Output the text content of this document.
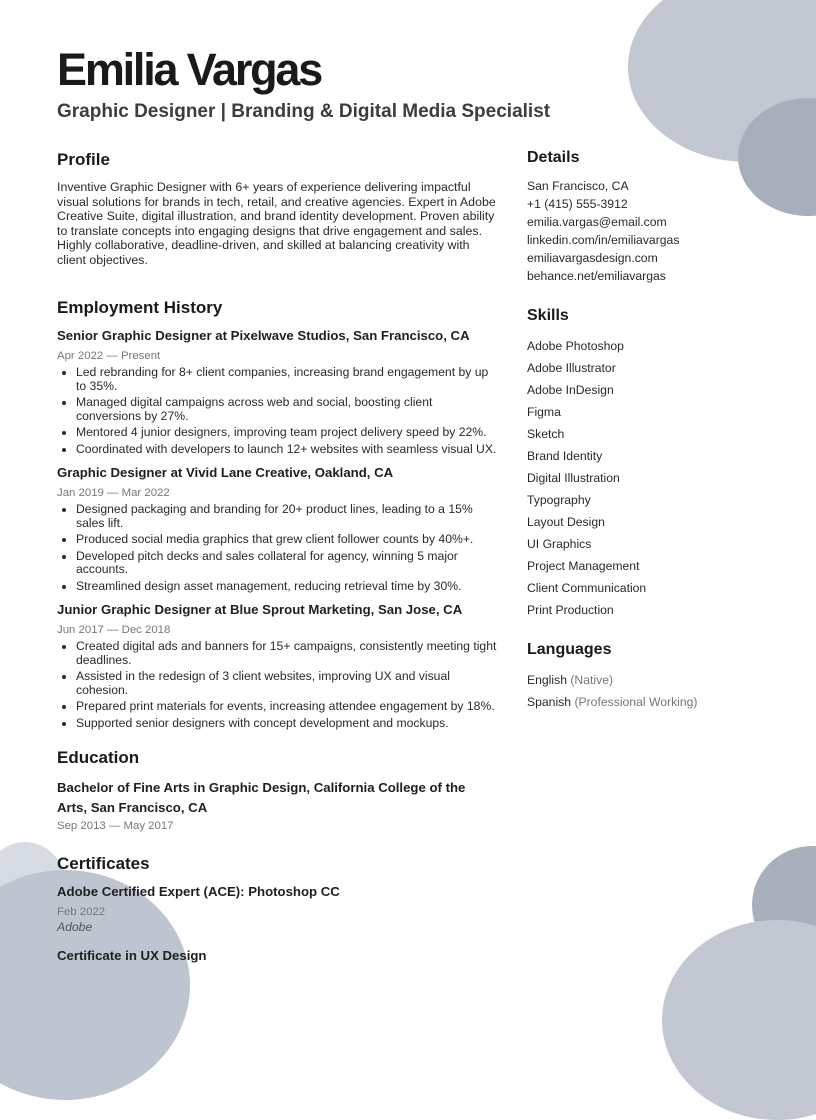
Emilia Vargas

Graphic Designer | Branding & Digital Media Specialist

Profile

Inventive Graphic Designer with 6+ years of experience delivering impactful visual solutions for brands in tech, retail, and creative agencies. Expert in Adobe Creative Suite, digital illustration, and brand identity development. Proven ability to translate concepts into engaging designs that drive engagement and sales. Highly collaborative, deadline-driven, and skilled at balancing creativity with client objectives.

Employment History

Senior Graphic Designer at Pixelwave Studios, San Francisco, CA

Apr 2022 — Present

• Led rebranding for 8+ client companies, increasing brand engagement by up to 35%.
• Managed digital campaigns across web and social, boosting client conversions by 27%.
• Mentored 4 junior designers, improving team project delivery speed by 22%.
• Coordinated with developers to launch 12+ websites with seamless visual UX.

Graphic Designer at Vivid Lane Creative, Oakland, CA

Jan 2019 — Mar 2022

• Designed packaging and branding for 20+ product lines, leading to a 15% sales lift.
• Produced social media graphics that grew client follower counts by 40%+.
• Developed pitch decks and sales collateral for agency, winning 5 major accounts.
• Streamlined design asset management, reducing retrieval time by 30%.

Junior Graphic Designer at Blue Sprout Marketing, San Jose, CA

Jun 2017 — Dec 2018

• Created digital ads and banners for 15+ campaigns, consistently meeting tight deadlines.
• Assisted in the redesign of 3 client websites, improving UX and visual cohesion.
• Prepared print materials for events, increasing attendee engagement by 18%.
• Supported senior designers with concept development and mockups.
Education

Bachelor of Fine Arts in Graphic Design, California College of the Arts, San Francisco, CA

Sep 2013 — May 2017

Certificates

Adobe Certified Expert (ACE): Photoshop CC

Feb 2022

Adobe

Certificate in UX Design

Details
San Francisco, CA
+1 (415) 555-3912
emilia.vargas@email.com
linkedin.com/in/emiliavargas
emiliavargasdesign.com
behance.net/emiliavargas
Skills
Adobe Photoshop
Adobe Illustrator
Adobe InDesign
Figma
Sketch
Brand Identity
Digital Illustration
Typography
Layout Design
UI Graphics
Project Management
Client Communication
Print Production
Languages
English (Native)
Spanish (Professional Working)
